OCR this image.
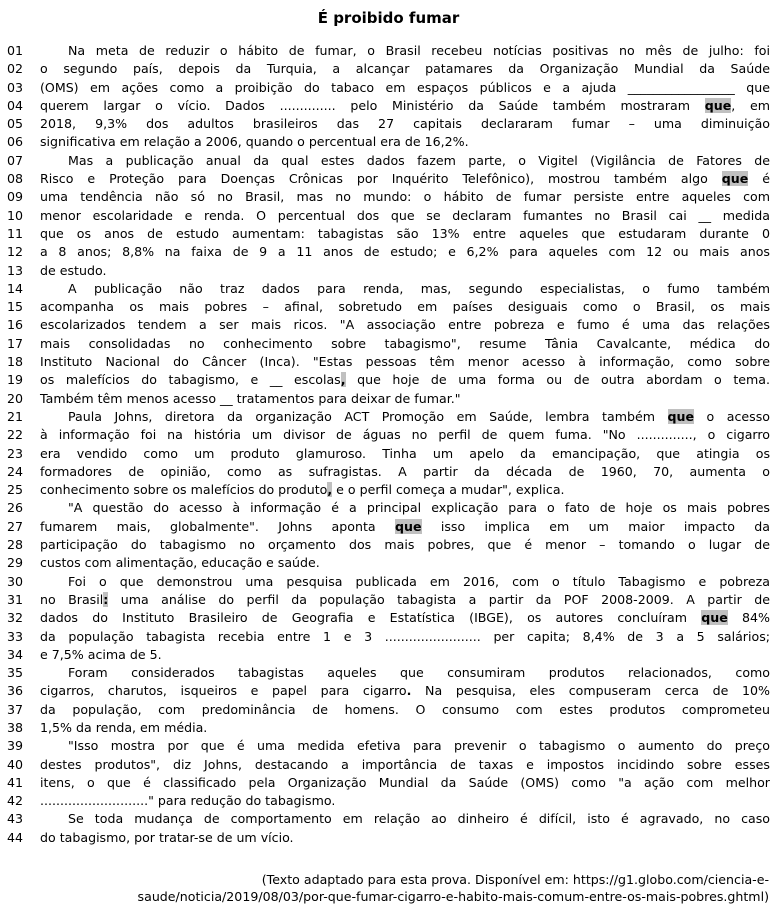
É proibido fumar
01	Na meta de reduzir o hábito de fumar, o Brasil recebeu notícias positivas no mês de julho: foi
02	o segundo país, depois da Turquia, a alcançar patamares da Organização Mundial da Saúde
03	(OMS) em ações como a proibição do tabaco em espaços públicos e a ajuda _________________ que
04	querem largar o vício. Dados .............. pelo Ministério da Saúde também mostraram que, em
05	2018, 9,3% dos adultos brasileiros das 27 capitais declararam fumar – uma diminuição
06	significativa em relação a 2006, quando o percentual era de 16,2%.
07	Mas a publicação anual da qual estes dados fazem parte, o Vigitel (Vigilância de Fatores de
08	Risco e Proteção para Doenças Crônicas por Inquérito Telefônico), mostrou também algo que é
09	uma tendência não só no Brasil, mas no mundo: o hábito de fumar persiste entre aqueles com
10	menor escolaridade e renda. O percentual dos que se declaram fumantes no Brasil cai __ medida
11	que os anos de estudo aumentam: tabagistas são 13% entre aqueles que estudaram durante 0
12	a 8 anos; 8,8% na faixa de 9 a 11 anos de estudo; e 6,2% para aqueles com 12 ou mais anos
13	de estudo.
14	A publicação não traz dados para renda, mas, segundo especialistas, o fumo também
15	acompanha os mais pobres – afinal, sobretudo em países desiguais como o Brasil, os mais
16	escolarizados tendem a ser mais ricos. "A associação entre pobreza e fumo é uma das relações
17	mais consolidadas no conhecimento sobre tabagismo", resume Tânia Cavalcante, médica do
18	Instituto Nacional do Câncer (Inca). "Estas pessoas têm menor acesso à informação, como sobre
19	os malefícios do tabagismo, e __ escolas, que hoje de uma forma ou de outra abordam o tema.
20	Também têm menos acesso __ tratamentos para deixar de fumar."
21	Paula Johns, diretora da organização ACT Promoção em Saúde, lembra também que o acesso
22	à informação foi na história um divisor de águas no perfil de quem fuma. "No .............., o cigarro
23	era vendido como um produto glamuroso. Tinha um apelo da emancipação, que atingia os
24	formadores de opinião, como as sufragistas. A partir da década de 1960, 70, aumenta o
25	conhecimento sobre os malefícios do produto, e o perfil começa a mudar", explica.
26	"A questão do acesso à informação é a principal explicação para o fato de hoje os mais pobres
27	fumarem mais, globalmente". Johns aponta que isso implica em um maior impacto da
28	participação do tabagismo no orçamento dos mais pobres, que é menor – tomando o lugar de
29	custos com alimentação, educação e saúde.
30	Foi o que demonstrou uma pesquisa publicada em 2016, com o título Tabagismo e pobreza
31	no Brasil: uma análise do perfil da população tabagista a partir da POF 2008-2009. A partir de
32	dados do Instituto Brasileiro de Geografia e Estatística (IBGE), os autores concluíram que 84%
33	da população tabagista recebia entre 1 e 3 ........................ per capita; 8,4% de 3 a 5 salários;
34	e 7,5% acima de 5.
35	Foram considerados tabagistas aqueles que consumiram produtos relacionados, como
36	cigarros, charutos, isqueiros e papel para cigarro. Na pesquisa, eles compuseram cerca de 10%
37	da população, com predominância de homens. O consumo com estes produtos comprometeu
38	1,5% da renda, em média.
39	"Isso mostra por que é uma medida efetiva para prevenir o tabagismo o aumento do preço
40	destes produtos", diz Johns, destacando a importância de taxas e impostos incidindo sobre esses
41	itens, o que é classificado pela Organização Mundial da Saúde (OMS) como "a ação com melhor
42	..........................." para redução do tabagismo.
43	Se toda mudança de comportamento em relação ao dinheiro é difícil, isto é agravado, no caso
44	do tabagismo, por tratar-se de um vício.
(Texto adaptado para esta prova. Disponível em: https://g1.globo.com/ciencia-e-
saude/noticia/2019/08/03/por-que-fumar-cigarro-e-habito-mais-comum-entre-os-mais-pobres.ghtml)
